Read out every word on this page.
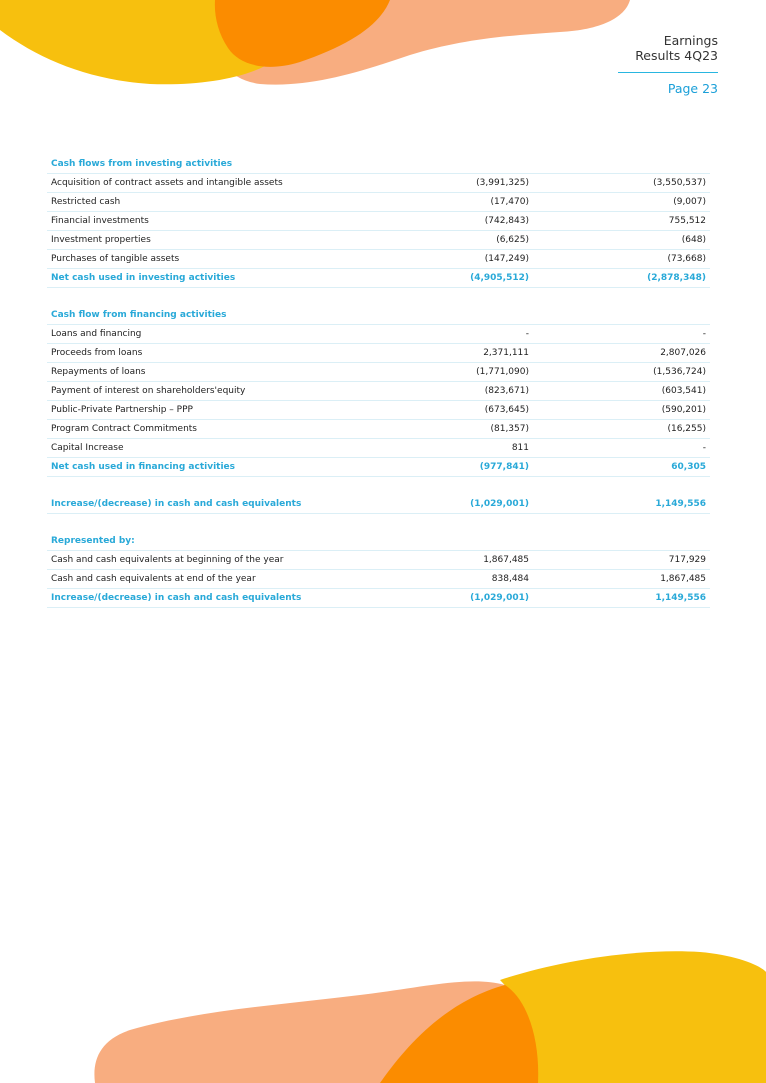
Earnings
Results 4Q23
Page 23
Cash flows from investing activities		
Acquisition of contract assets and intangible assets	(3,991,325)	(3,550,537)
Restricted cash	(17,470)	(9,007)
Financial investments	(742,843)	755,512
Investment properties	(6,625)	(648)
Purchases of tangible assets	(147,249)	(73,668)
Net cash used in investing activities	(4,905,512)	(2,878,348)

Cash flow from financing activities		
Loans and financing	-	-
Proceeds from loans	2,371,111	2,807,026
Repayments of loans	(1,771,090)	(1,536,724)
Payment of interest on shareholders'equity	(823,671)	(603,541)
Public-Private Partnership – PPP	(673,645)	(590,201)
Program Contract Commitments	(81,357)	(16,255)
Capital Increase	811	-
Net cash used in financing activities	(977,841)	60,305

Increase/(decrease) in cash and cash equivalents	(1,029,001)	1,149,556

Represented by:		
Cash and cash equivalents at beginning of the year	1,867,485	717,929
Cash and cash equivalents at end of the year	838,484	1,867,485
Increase/(decrease) in cash and cash equivalents	(1,029,001)	1,149,556
